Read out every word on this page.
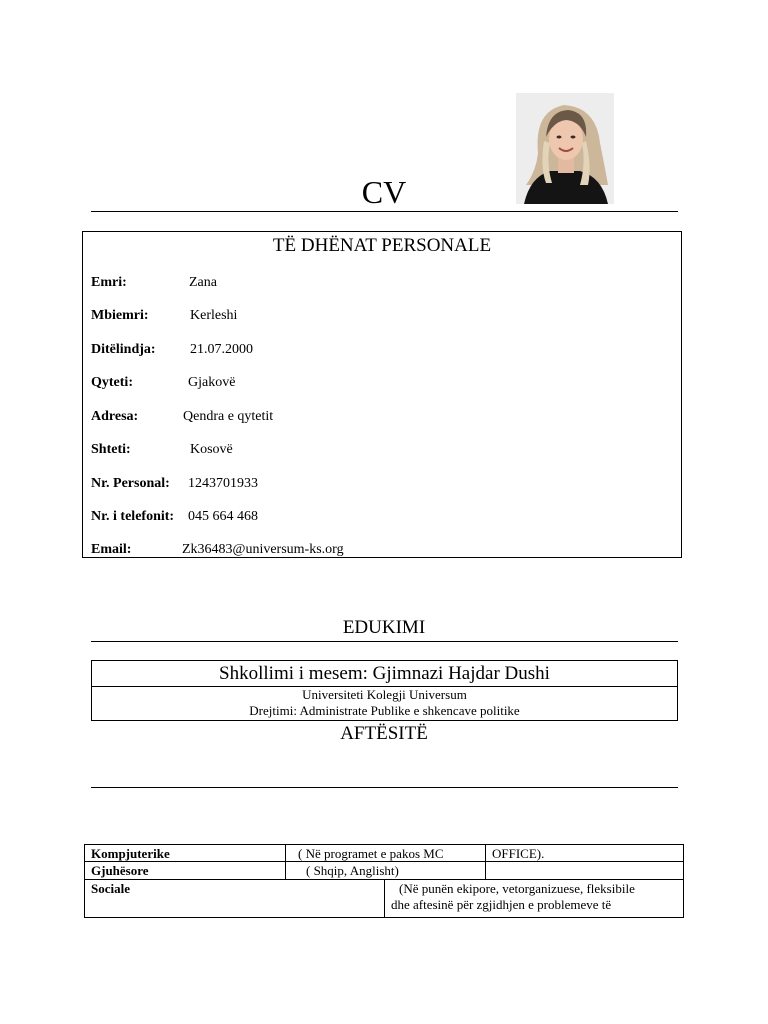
CV
TË DHËNAT PERSONALE
Emri:	Zana
Mbiemri:	Kerleshi
Ditëlindja: 21.07.2000
Qyteti:	Gjakovë
Adresa:	Qendra e qytetit
Shteti:	Kosovë
Nr. Personal: 1243701933
Nr. i telefonit: 045 664 468
Email:	Zk36483@universum-ks.org
EDUKIMI
Shkollimi i mesem: Gjimnazi Hajdar Dushi
Universiteti Kolegji Universum
Drejtimi: Administrate Publike e shkencave politike
AFTËSITË
Kompjuterike	( Në programet e pakos MC	OFFICE).
Gjuhësore	( Shqip, Anglisht)
Sociale	(Në punën ekipore, vetorganizuese, fleksibile
dhe aftesinë për zgjidhjen e problemeve të
